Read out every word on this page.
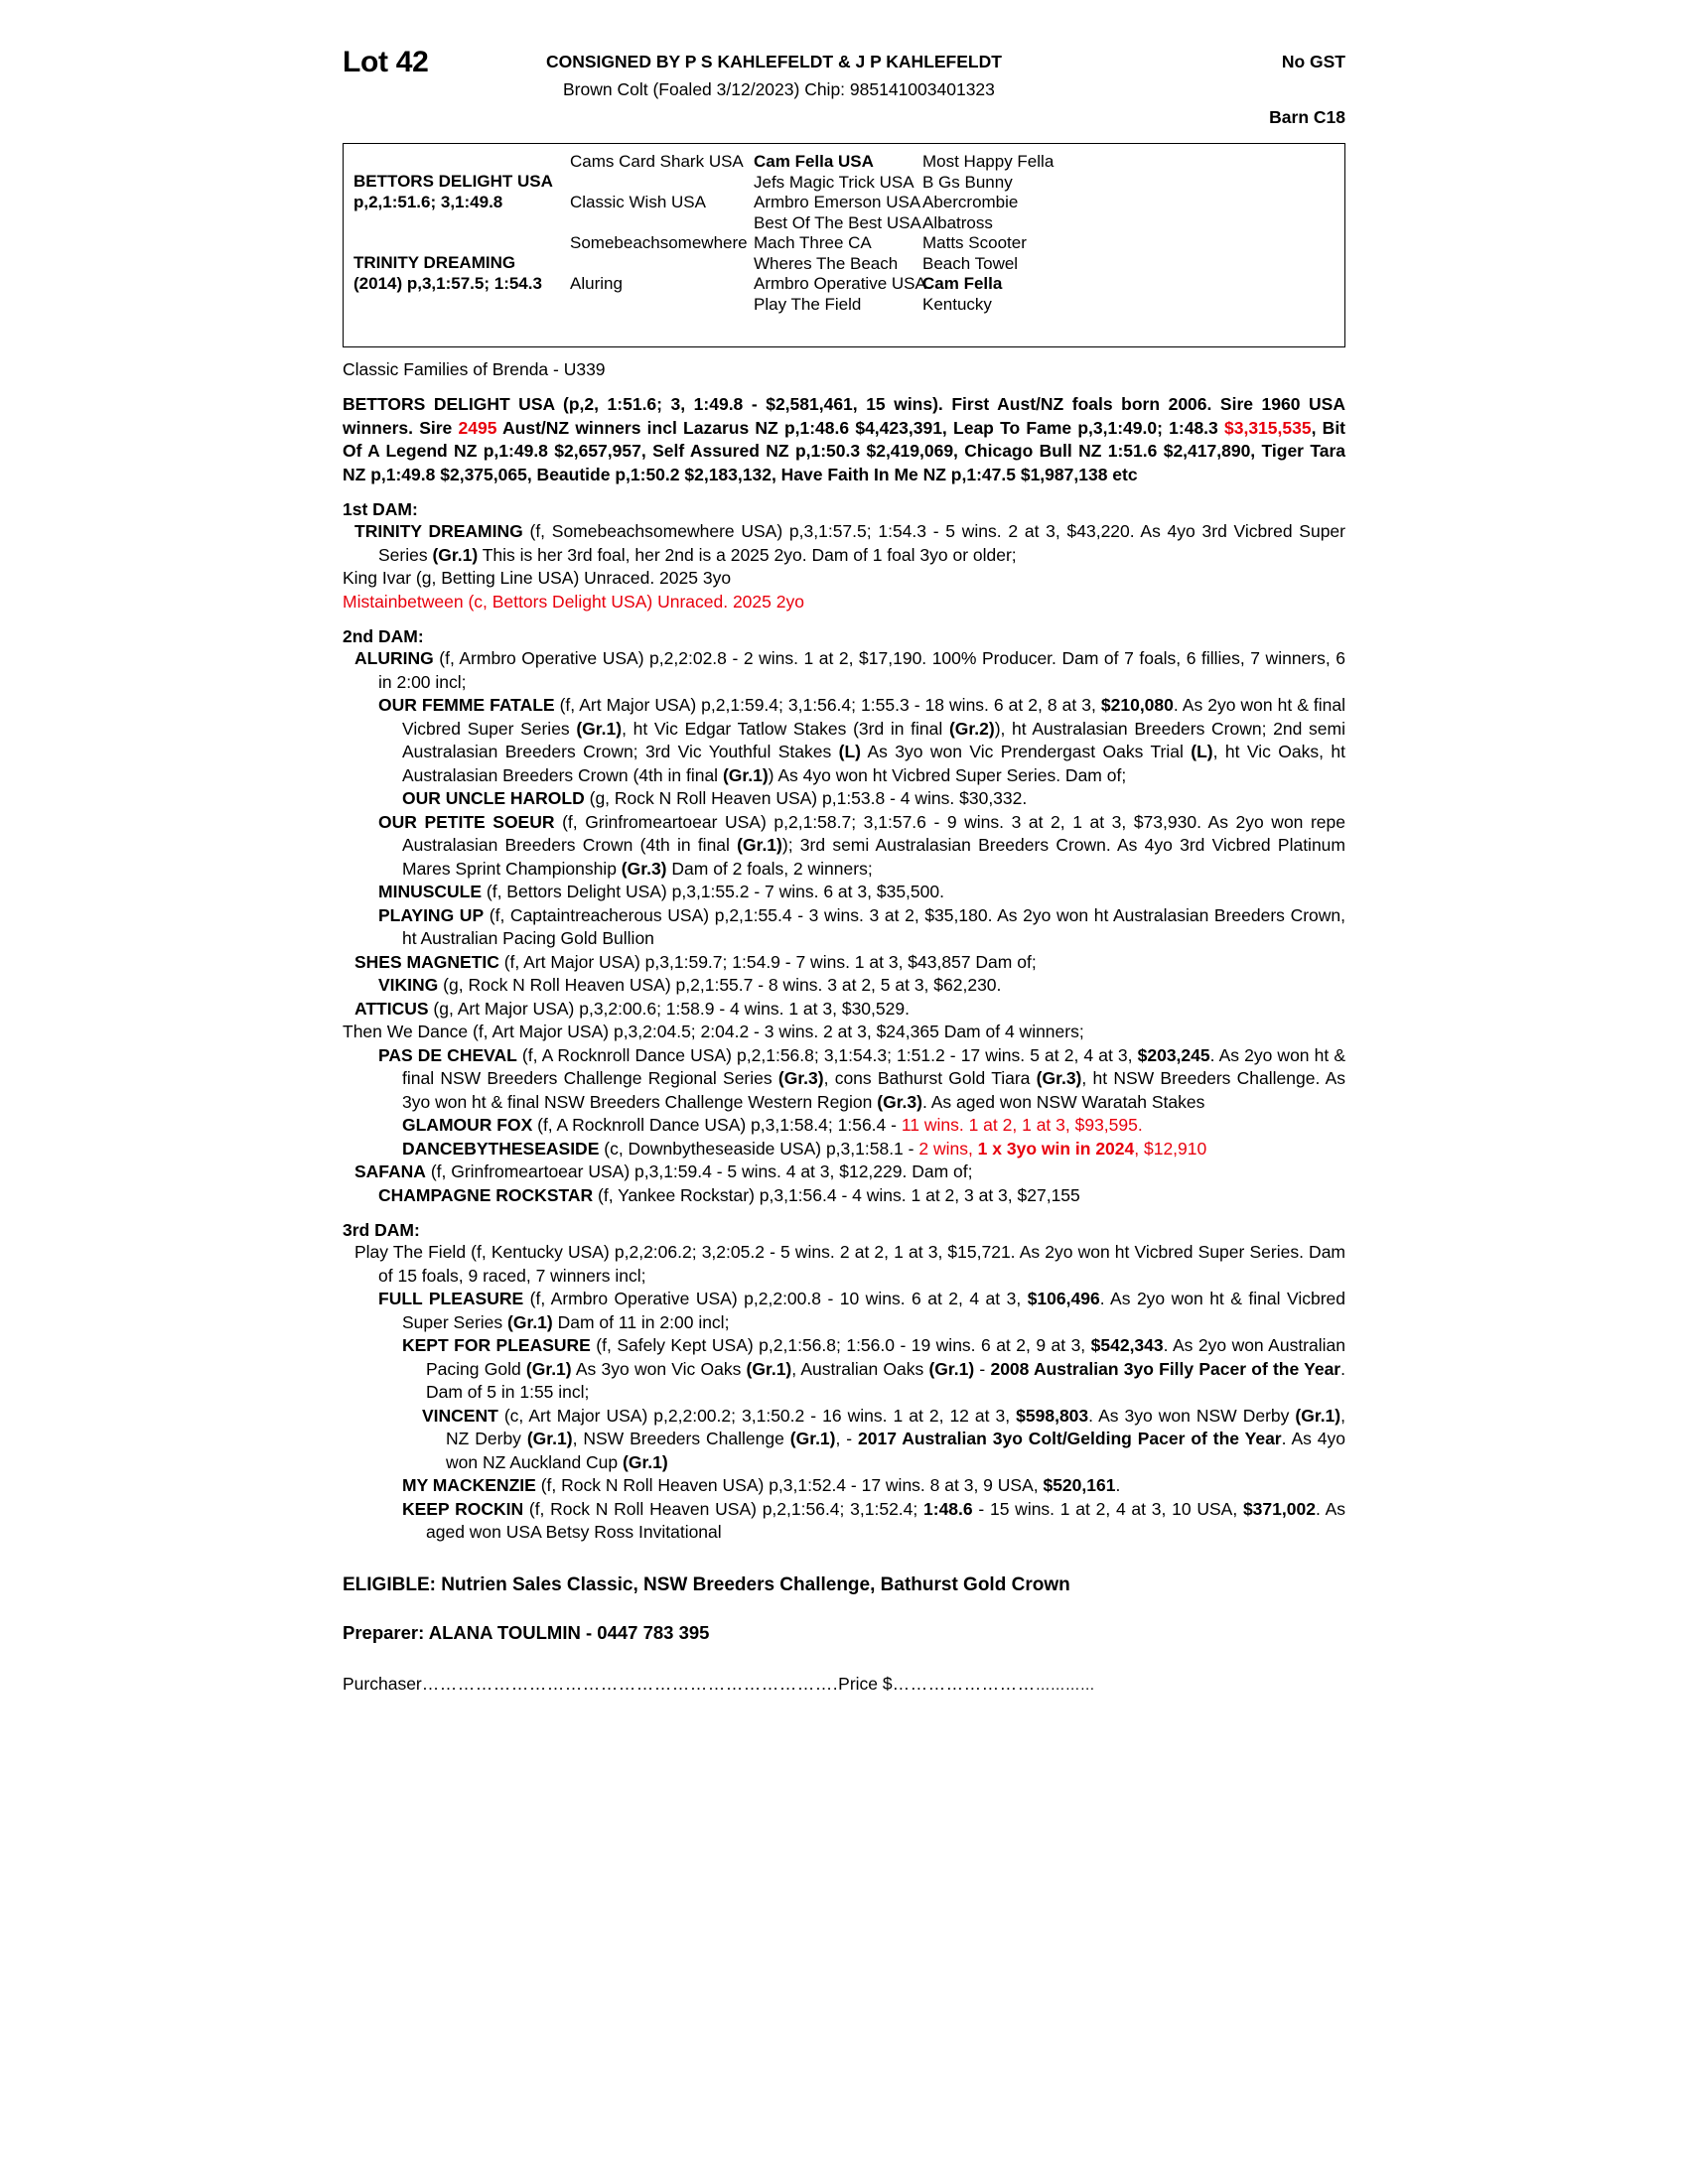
Lot 42	CONSIGNED BY P S KAHLEFELDT & J P KAHLEFELDT	No GST
Brown Colt (Foaled 3/12/2023) Chip: 985141003401323
Barn C18
BETTORS DELIGHT USA
p,2,1:51.6; 3,1:49.8
TRINITY DREAMING
(2014) p,3,1:57.5; 1:54.3
Cams Card Shark USA
Classic Wish USA
Somebeachsomewhere
Aluring
Cam Fella USA
Jefs Magic Trick USA
Armbro Emerson USA
Best Of The Best USA
Mach Three CA
Wheres The Beach
Armbro Operative USA
Play The Field
Most Happy Fella
B Gs Bunny
Abercrombie
Albatross
Matts Scooter
Beach Towel
Cam Fella
Kentucky
Classic Families of Brenda - U339

BETTORS DELIGHT USA (p,2, 1:51.6; 3, 1:49.8 - $2,581,461, 15 wins). First Aust/NZ foals born 2006. Sire 1960 USA winners. Sire 2495 Aust/NZ winners incl Lazarus NZ p,1:48.6 $4,423,391, Leap To Fame p,3,1:49.0; 1:48.3 $3,315,535, Bit Of A Legend NZ p,1:49.8 $2,657,957, Self Assured NZ p,1:50.3 $2,419,069, Chicago Bull NZ 1:51.6 $2,417,890, Tiger Tara NZ p,1:49.8 $2,375,065, Beautide p,1:50.2 $2,183,132, Have Faith In Me NZ p,1:47.5 $1,987,138 etc

1st DAM:

TRINITY DREAMING (f, Somebeachsomewhere USA) p,3,1:57.5; 1:54.3 - 5 wins. 2 at 3, $43,220. As 4yo 3rd Vicbred Super Series (Gr.1) This is her 3rd foal, her 2nd is a 2025 2yo. Dam of 1 foal 3yo or older;

King Ivar (g, Betting Line USA) Unraced. 2025 3yo

Mistainbetween (c, Bettors Delight USA) Unraced. 2025 2yo

2nd DAM:

ALURING (f, Armbro Operative USA) p,2,2:02.8 - 2 wins. 1 at 2, $17,190. 100% Producer. Dam of 7 foals, 6 fillies, 7 winners, 6 in 2:00 incl;

OUR FEMME FATALE (f, Art Major USA) p,2,1:59.4; 3,1:56.4; 1:55.3 - 18 wins. 6 at 2, 8 at 3, $210,080. As 2yo won ht & final Vicbred Super Series (Gr.1), ht Vic Edgar Tatlow Stakes (3rd in final (Gr.2)), ht Australasian Breeders Crown; 2nd semi Australasian Breeders Crown; 3rd Vic Youthful Stakes (L) As 3yo won Vic Prendergast Oaks Trial (L), ht Vic Oaks, ht Australasian Breeders Crown (4th in final (Gr.1)) As 4yo won ht Vicbred Super Series. Dam of;

OUR UNCLE HAROLD (g, Rock N Roll Heaven USA) p,1:53.8 - 4 wins. $30,332.

OUR PETITE SOEUR (f, Grinfromeartoear USA) p,2,1:58.7; 3,1:57.6 - 9 wins. 3 at 2, 1 at 3, $73,930. As 2yo won repe Australasian Breeders Crown (4th in final (Gr.1)); 3rd semi Australasian Breeders Crown. As 4yo 3rd Vicbred Platinum Mares Sprint Championship (Gr.3) Dam of 2 foals, 2 winners;

MINUSCULE (f, Bettors Delight USA) p,3,1:55.2 - 7 wins. 6 at 3, $35,500.

PLAYING UP (f, Captaintreacherous USA) p,2,1:55.4 - 3 wins. 3 at 2, $35,180. As 2yo won ht Australasian Breeders Crown, ht Australian Pacing Gold Bullion

SHES MAGNETIC (f, Art Major USA) p,3,1:59.7; 1:54.9 - 7 wins. 1 at 3, $43,857 Dam of;

VIKING (g, Rock N Roll Heaven USA) p,2,1:55.7 - 8 wins. 3 at 2, 5 at 3, $62,230.

ATTICUS (g, Art Major USA) p,3,2:00.6; 1:58.9 - 4 wins. 1 at 3, $30,529.

Then We Dance (f, Art Major USA) p,3,2:04.5; 2:04.2 - 3 wins. 2 at 3, $24,365 Dam of 4 winners;

PAS DE CHEVAL (f, A Rocknroll Dance USA) p,2,1:56.8; 3,1:54.3; 1:51.2 - 17 wins. 5 at 2, 4 at 3, $203,245. As 2yo won ht & final NSW Breeders Challenge Regional Series (Gr.3), cons Bathurst Gold Tiara (Gr.3), ht NSW Breeders Challenge. As 3yo won ht & final NSW Breeders Challenge Western Region (Gr.3). As aged won NSW Waratah Stakes

GLAMOUR FOX (f, A Rocknroll Dance USA) p,3,1:58.4; 1:56.4 - 11 wins. 1 at 2, 1 at 3, $93,595.

DANCEBYTHESEASIDE (c, Downbytheseaside USA) p,3,1:58.1 - 2 wins, 1 x 3yo win in 2024, $12,910

SAFANA (f, Grinfromeartoear USA) p,3,1:59.4 - 5 wins. 4 at 3, $12,229. Dam of;

CHAMPAGNE ROCKSTAR (f, Yankee Rockstar) p,3,1:56.4 - 4 wins. 1 at 2, 3 at 3, $27,155

3rd DAM:

Play The Field (f, Kentucky USA) p,2,2:06.2; 3,2:05.2 - 5 wins. 2 at 2, 1 at 3, $15,721. As 2yo won ht Vicbred Super Series. Dam of 15 foals, 9 raced, 7 winners incl;

FULL PLEASURE (f, Armbro Operative USA) p,2,2:00.8 - 10 wins. 6 at 2, 4 at 3, $106,496. As 2yo won ht & final Vicbred Super Series (Gr.1) Dam of 11 in 2:00 incl;

KEPT FOR PLEASURE (f, Safely Kept USA) p,2,1:56.8; 1:56.0 - 19 wins. 6 at 2, 9 at 3, $542,343. As 2yo won Australian Pacing Gold (Gr.1) As 3yo won Vic Oaks (Gr.1), Australian Oaks (Gr.1) - 2008 Australian 3yo Filly Pacer of the Year. Dam of 5 in 1:55 incl;

VINCENT (c, Art Major USA) p,2,2:00.2; 3,1:50.2 - 16 wins. 1 at 2, 12 at 3, $598,803. As 3yo won NSW Derby (Gr.1), NZ Derby (Gr.1), NSW Breeders Challenge (Gr.1), - 2017 Australian 3yo Colt/Gelding Pacer of the Year. As 4yo won NZ Auckland Cup (Gr.1)

MY MACKENZIE (f, Rock N Roll Heaven USA) p,3,1:52.4 - 17 wins. 8 at 3, 9 USA, $520,161.

KEEP ROCKIN (f, Rock N Roll Heaven USA) p,2,1:56.4; 3,1:52.4; 1:48.6 - 15 wins. 1 at 2, 4 at 3, 10 USA, $371,002. As aged won USA Betsy Ross Invitational

ELIGIBLE: Nutrien Sales Classic, NSW Breeders Challenge, Bathurst Gold Crown
Preparer: ALANA TOULMIN - 0447 783 395
Purchaser…………………………………………………………….Price $………………………………
